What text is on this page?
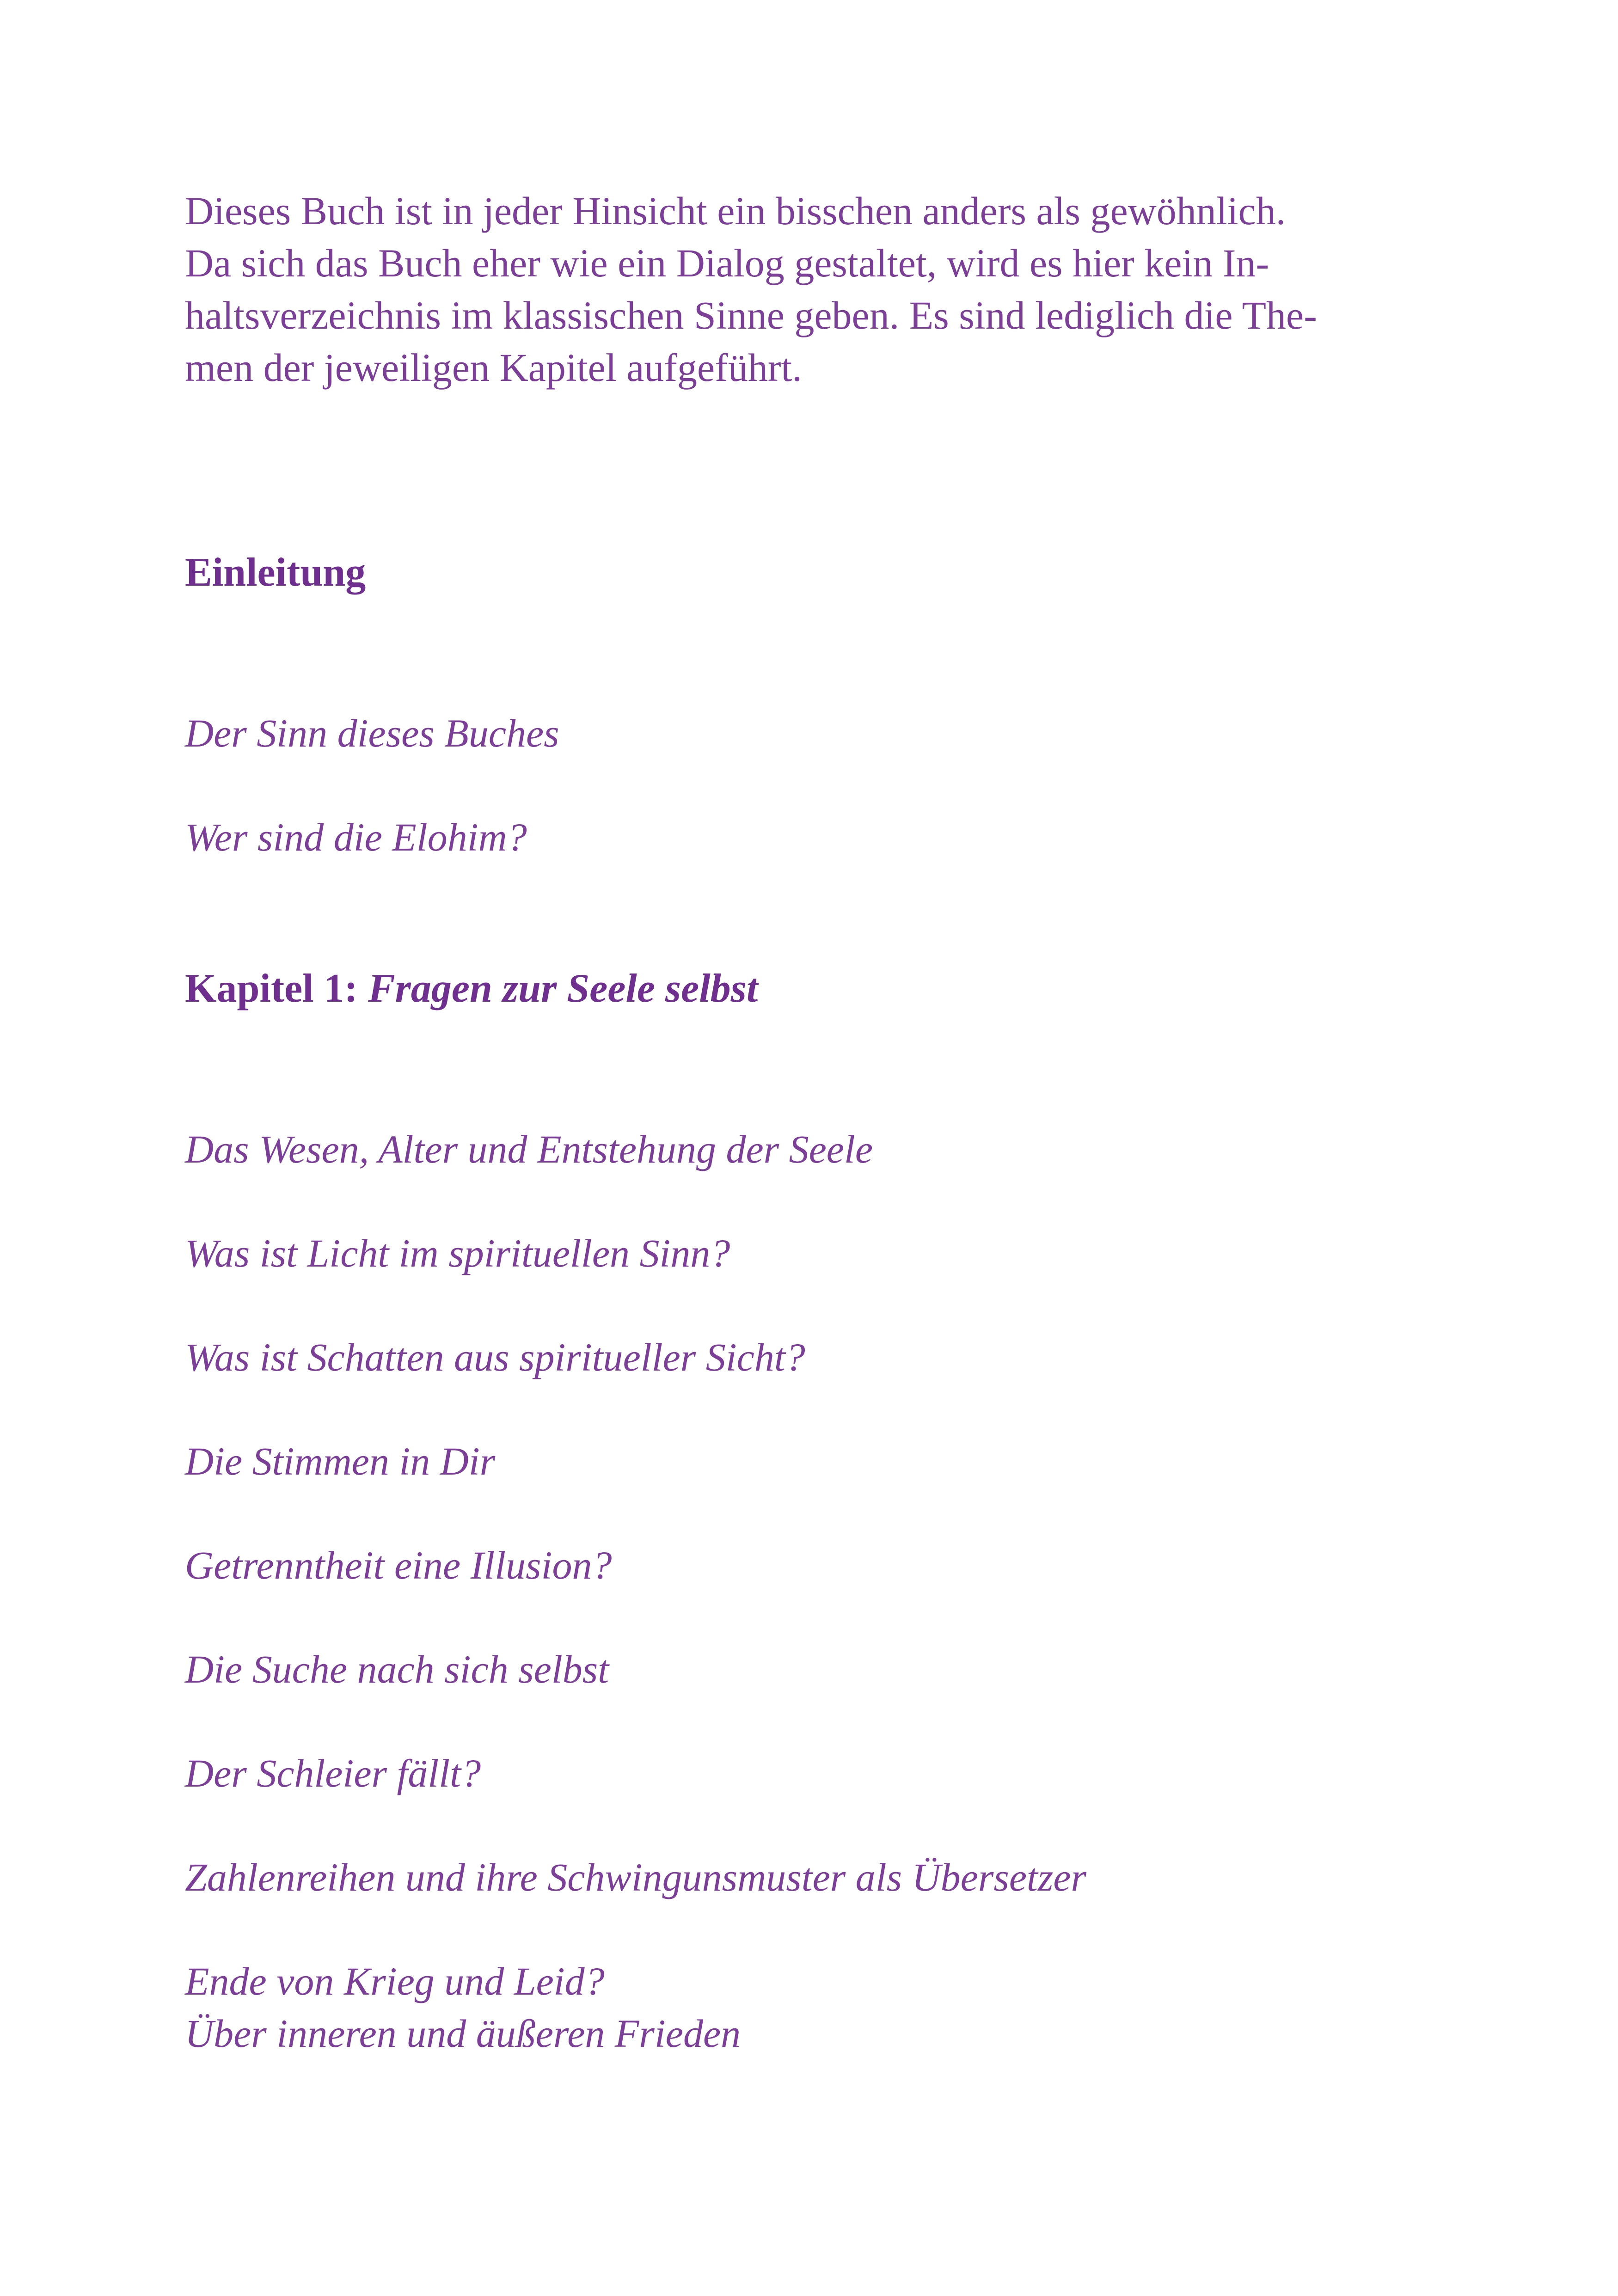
Dieses Buch ist in jeder Hinsicht ein bisschen anders als gewöhnlich.
Da sich das Buch eher wie ein Dialog gestaltet, wird es hier kein In-
haltsverzeichnis im klassischen Sinne geben. Es sind lediglich die The-
men der jeweiligen Kapitel aufgeführt.
Einleitung
Der Sinn dieses Buches
Wer sind die Elohim?
Kapitel 1: Fragen zur Seele selbst
Das Wesen, Alter und Entstehung der Seele
Was ist Licht im spirituellen Sinn?
Was ist Schatten aus spiritueller Sicht?
Die Stimmen in Dir
Getrenntheit eine Illusion?
Die Suche nach sich selbst
Der Schleier fällt?
Zahlenreihen und ihre Schwingunsmuster als Übersetzer
Ende von Krieg und Leid?
Über inneren und äußeren Frieden
